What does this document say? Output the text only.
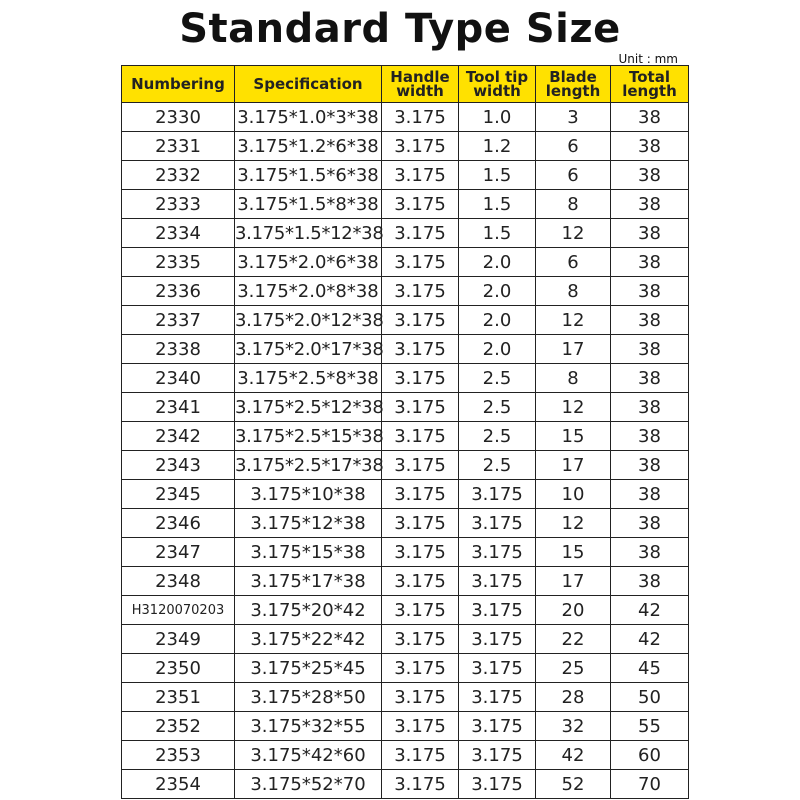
Standard Type Size
Unit : mm
Numbering	Specification	Handle width	Tool tip width	Blade length	Total length
2330	3.175*1.0*3*38	3.175	1.0	3	38
2331	3.175*1.2*6*38	3.175	1.2	6	38
2332	3.175*1.5*6*38	3.175	1.5	6	38
2333	3.175*1.5*8*38	3.175	1.5	8	38
2334	3.175*1.5*12*38	3.175	1.5	12	38
2335	3.175*2.0*6*38	3.175	2.0	6	38
2336	3.175*2.0*8*38	3.175	2.0	8	38
2337	3.175*2.0*12*38	3.175	2.0	12	38
2338	3.175*2.0*17*38	3.175	2.0	17	38
2340	3.175*2.5*8*38	3.175	2.5	8	38
2341	3.175*2.5*12*38	3.175	2.5	12	38
2342	3.175*2.5*15*38	3.175	2.5	15	38
2343	3.175*2.5*17*38	3.175	2.5	17	38
2345	3.175*10*38	3.175	3.175	10	38
2346	3.175*12*38	3.175	3.175	12	38
2347	3.175*15*38	3.175	3.175	15	38
2348	3.175*17*38	3.175	3.175	17	38
H3120070203	3.175*20*42	3.175	3.175	20	42
2349	3.175*22*42	3.175	3.175	22	42
2350	3.175*25*45	3.175	3.175	25	45
2351	3.175*28*50	3.175	3.175	28	50
2352	3.175*32*55	3.175	3.175	32	55
2353	3.175*42*60	3.175	3.175	42	60
2354	3.175*52*70	3.175	3.175	52	70
